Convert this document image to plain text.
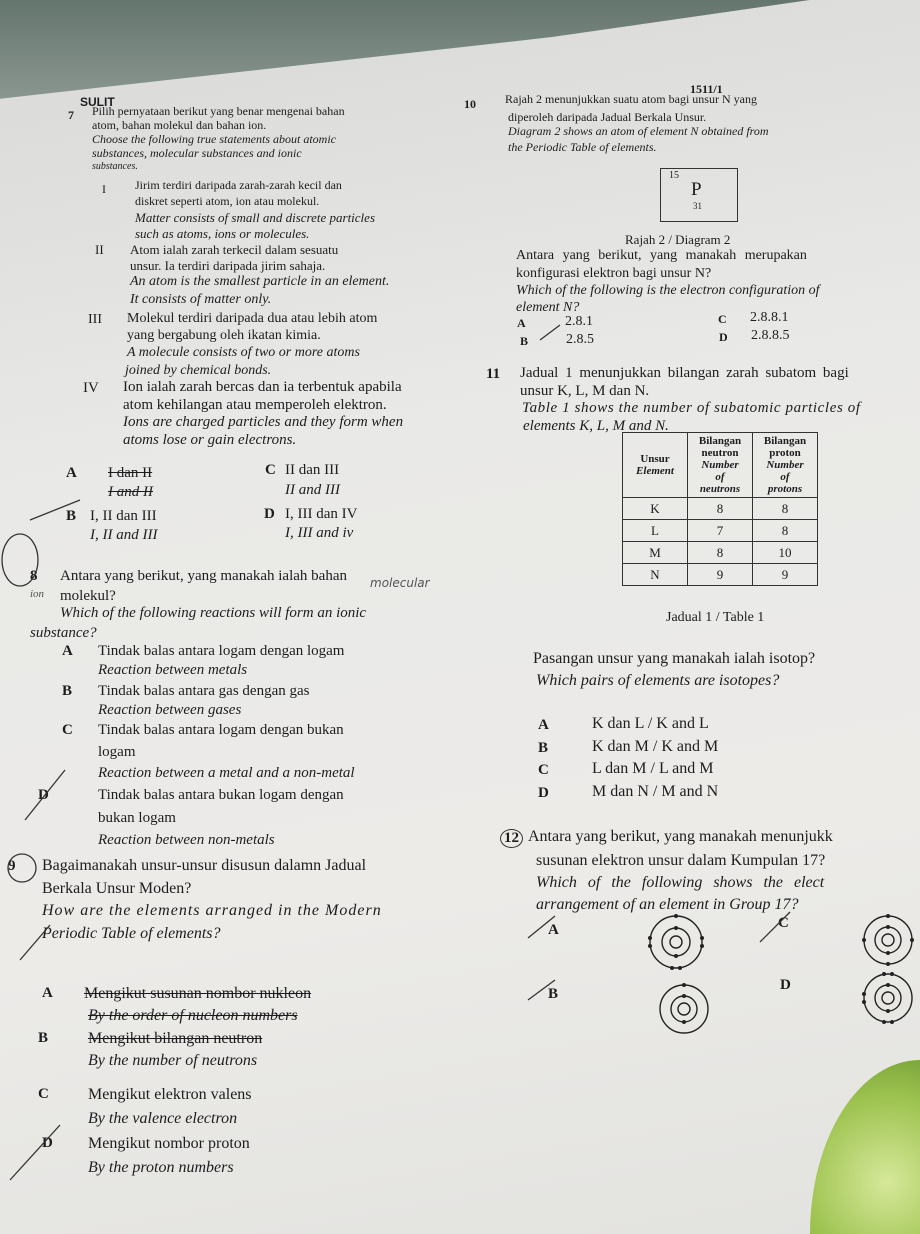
SULIT
1511/1
7 Pilih pernyataan berikut yang benar mengenai bahan
atom, bahan molekul dan bahan ion.
Choose the following true statements about atomic
substances, molecular substances and ionic
substances.
I Jirim terdiri daripada zarah-zarah kecil dan
diskret seperti atom, ion atau molekul.
Matter consists of small and discrete particles
such as atoms, ions or molecules.
II Atom ialah zarah terkecil dalam sesuatu
unsur. Ia terdiri daripada jirim sahaja.
An atom is the smallest particle in an element.
It consists of matter only.
III Molekul terdiri daripada dua atau lebih atom
yang bergabung oleh ikatan kimia.
A molecule consists of two or more atoms
joined by chemical bonds.
IV Ion ialah zarah bercas dan ia terbentuk apabila
atom kehilangan atau memperoleh elektron.
Ions are charged particles and they form when
atoms lose or gain electrons.
A I dan II
I and II
B I, II dan III
I, II and III
C II dan III
II and III
D I, III dan IV
I, III and iv
8 Antara yang berikut, yang manakah ialah bahan
molekul?
molecular
ion
Which of the following reactions will form an ionic
substance?
A Tindak balas antara logam dengan logam
Reaction between metals
B Tindak balas antara gas dengan gas
Reaction between gases
C Tindak balas antara logam dengan bukan
logam
Reaction between a metal and a non-metal
D	Tindak balas antara bukan logam dengan
bukan logam
Reaction between non-metals
9 Bagaimanakah unsur-unsur disusun dalamn Jadual
Berkala Unsur Moden?
How are the elements arranged in the Modern
Periodic Table of elements?
A Mengikut susunan nombor nukleon
By the order of nucleon numbers
B Mengikut bilangan neutron
By the number of neutrons
C Mengikut elektron valens
By the valence electron
D Mengikut nombor proton
By the proton numbers
10 Rajah 2 menunjukkan suatu atom bagi unsur N yang
diperoleh daripada Jadual Berkala Unsur.
Diagram 2 shows an atom of element N obtained from
the Periodic Table of elements.
15
P
31
Rajah 2 / Diagram 2
Antara yang berikut, yang manakah merupakan
konfigurasi elektron bagi unsur N?
Which of the following is the electron configuration of
element N?
A	2.8.1
B	2.8.5
C 2.8.8.1
D 2.8.8.5
11 Jadual 1 menunjukkan bilangan zarah subatom bagi
unsur K, L, M dan N.
Table 1 shows the number of subatomic particles of
elements K, L, M and N.
Unsur
Element	Bilangan
neutron
Number
of
neutrons	Bilangan
proton
Number
of
protons
K	8	8
L	7	8
M	8	10
N	9	9
Jadual 1 / Table 1
Pasangan unsur yang manakah ialah isotop?
Which pairs of elements are isotopes?
A	K dan L / K and L
B	K dan M / K and M
C	L dan M / L and M
D	M dan N / M and N
12 Antara yang berikut, yang manakah menunjukk
susunan elektron unsur dalam Kumpulan 17?
Which of the following shows the elect
arrangement of an element in Group 17?
A
B
C
D
